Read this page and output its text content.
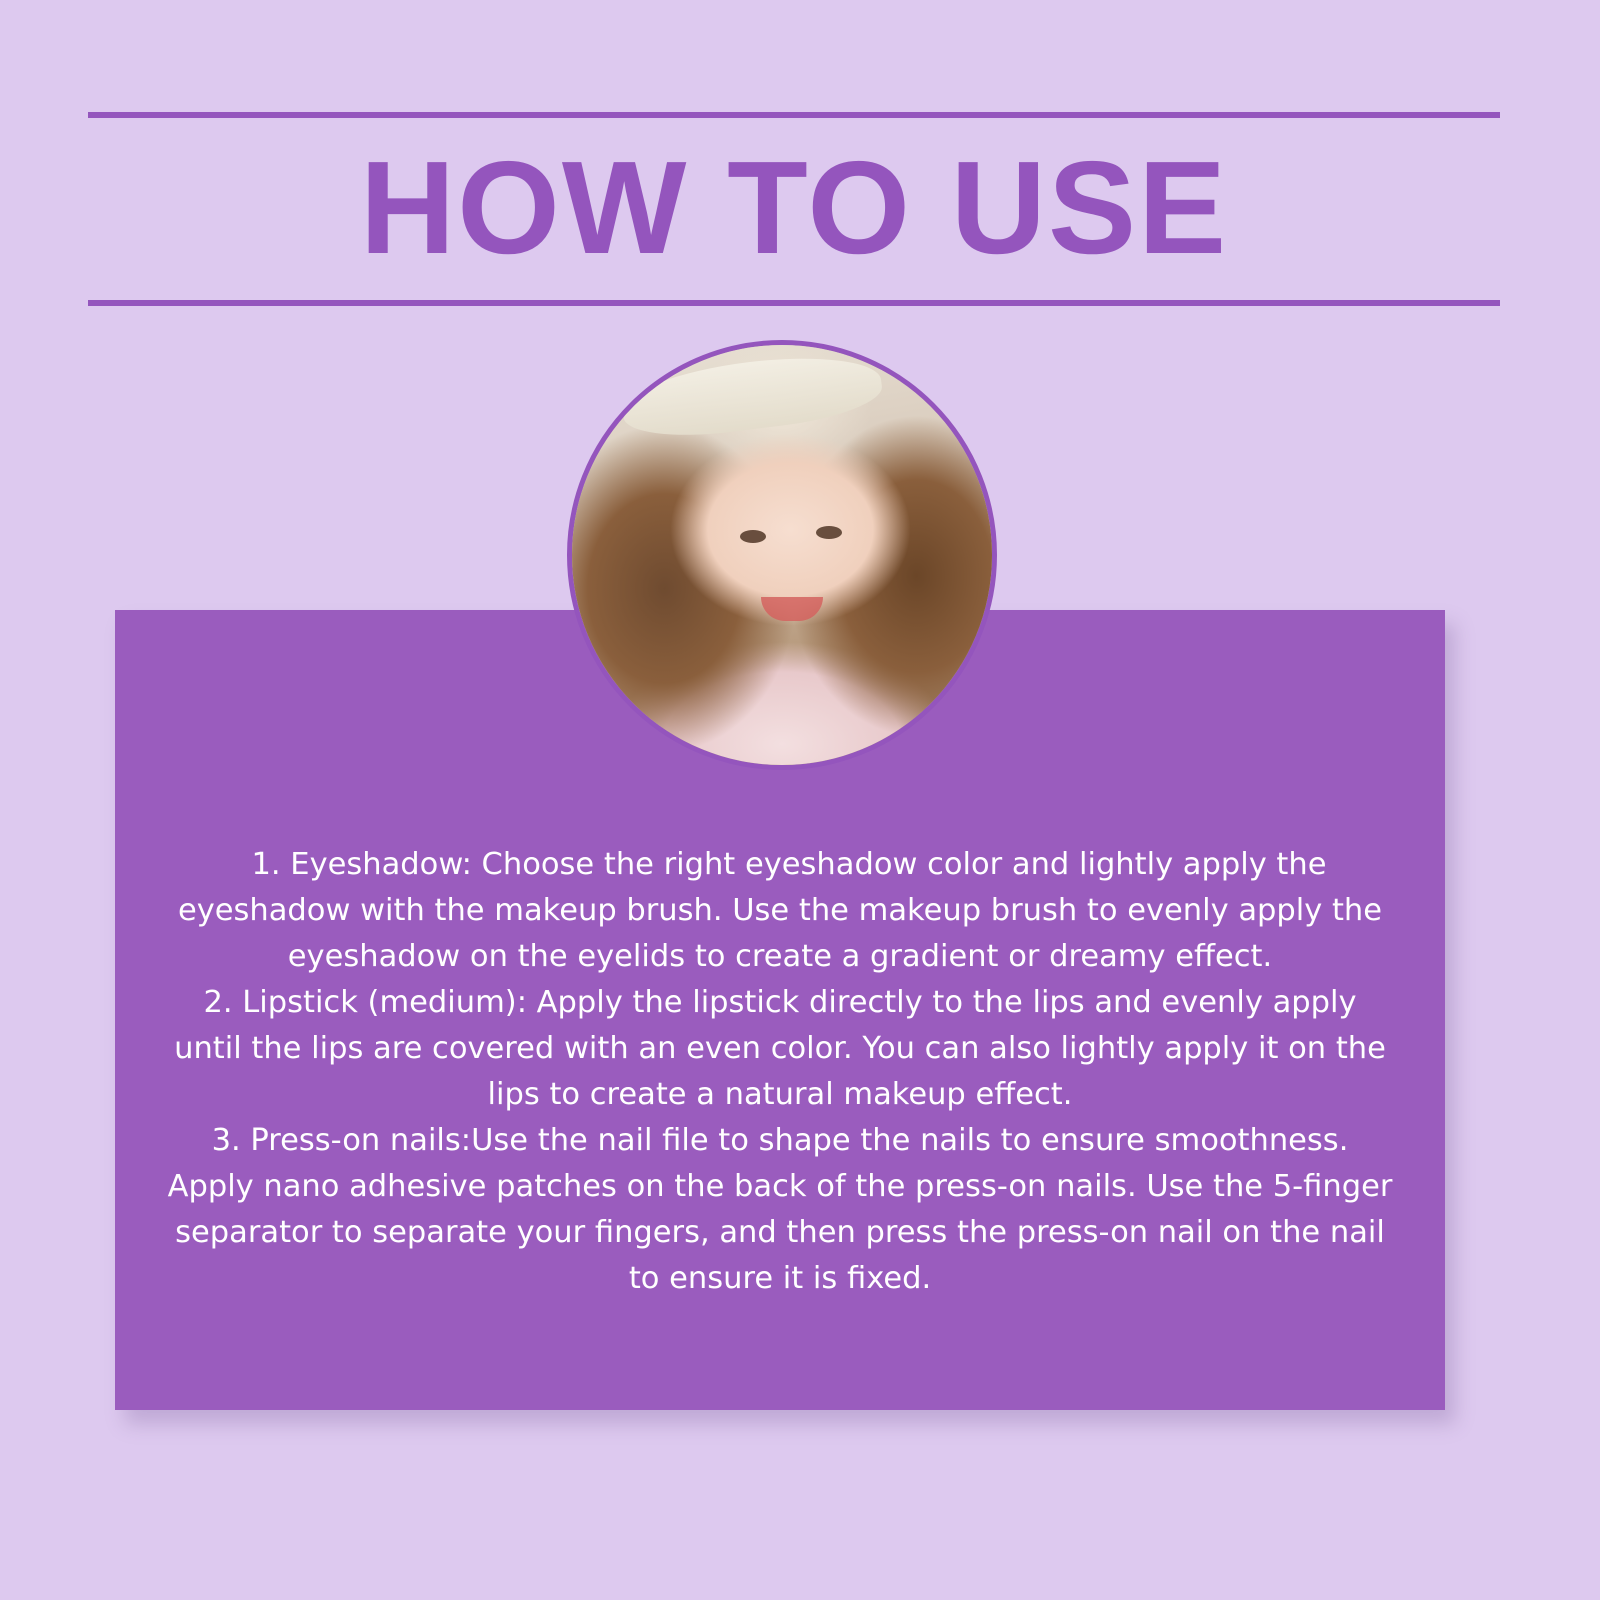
HOW TO USE

1. Eyeshadow: Choose the right eyeshadow color and lightly apply the eyeshadow with the makeup brush. Use the makeup brush to evenly apply the eyeshadow on the eyelids to create a gradient or dreamy effect.

2. Lipstick (medium): Apply the lipstick directly to the lips and evenly apply until the lips are covered with an even color. You can also lightly apply it on the lips to create a natural makeup effect.

3. Press-on nails:Use the nail file to shape the nails to ensure smoothness. Apply nano adhesive patches on the back of the press-on nails. Use the 5-finger separator to separate your fingers, and then press the press-on nail on the nail to ensure it is fixed.
